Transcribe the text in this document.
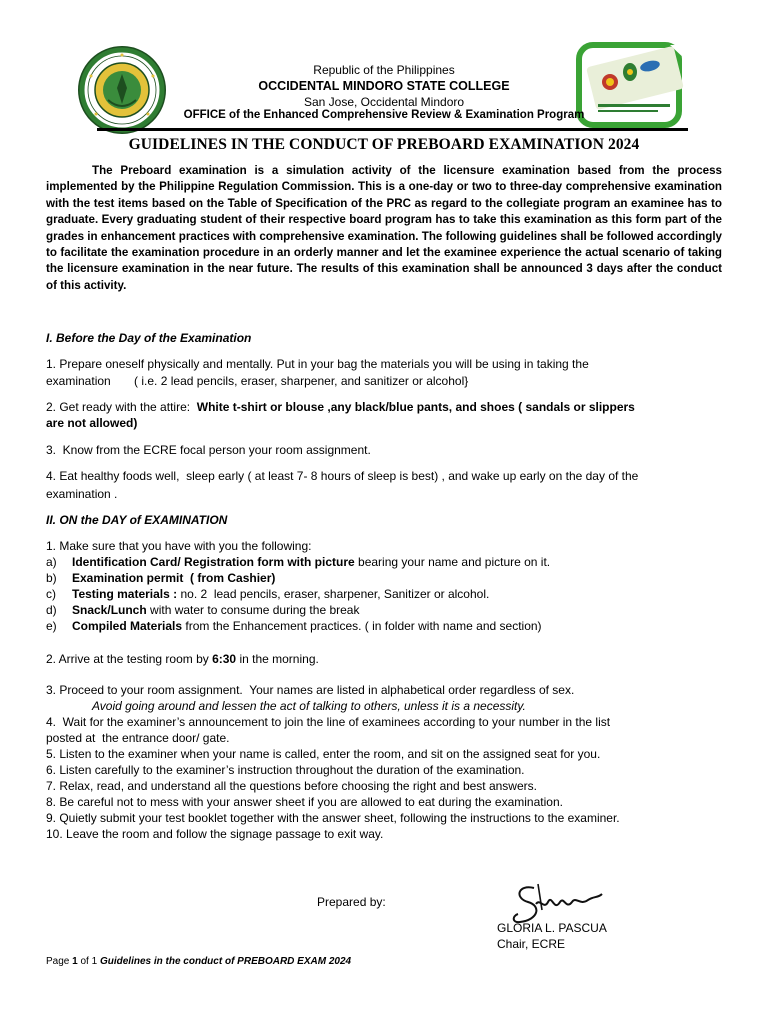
Republic of the Philippines
OCCIDENTAL MINDORO STATE COLLEGE
San Jose, Occidental Mindoro
OFFICE of the Enhanced Comprehensive Review & Examination Program
GUIDELINES IN THE CONDUCT OF PREBOARD EXAMINATION 2024

The Preboard examination is a simulation activity of the licensure examination based from the process implemented by the Philippine Regulation Commission. This is a one-day or two to three-day comprehensive examination with the test items based on the Table of Specification of the PRC as regard to the collegiate program an examinee has to graduate. Every graduating student of their respective board program has to take this examination as this form part of the grades in enhancement practices with comprehensive examination. The following guidelines shall be followed accordingly to facilitate the examination procedure in an orderly manner and let the examinee experience the actual scenario of taking the licensure examination in the near future. The results of this examination shall be announced 3 days after the conduct of this activity.

I. Before the Day of the Examination

1. Prepare oneself physically and mentally. Put in your bag the materials you will be using in taking the

examination       ( i.e. 2 lead pencils, eraser, sharpener, and sanitizer or alcohol}

2. Get ready with the attire:  White t-shirt or blouse ,any black/blue pants, and shoes ( sandals or slippers

are not allowed)

3.  Know from the ECRE focal person your room assignment.

4. Eat healthy foods well,  sleep early ( at least 7- 8 hours of sleep is best) , and wake up early on the day of the

examination .

II. ON the DAY of EXAMINATION

1. Make sure that you have with you the following:

a) Identification Card/ Registration form with picture bearing your name and picture on it.

b) Examination permit  ( from Cashier)

c) Testing materials : no. 2  lead pencils, eraser, sharpener, Sanitizer or alcohol.

d) Snack/Lunch with water to consume during the break

e) Compiled Materials from the Enhancement practices. ( in folder with name and section)

2. Arrive at the testing room by 6:30 in the morning.

3. Proceed to your room assignment.  Your names are listed in alphabetical order regardless of sex.

Avoid going around and lessen the act of talking to others, unless it is a necessity.

4.  Wait for the examiner’s announcement to join the line of examinees according to your number in the list

posted at  the entrance door/ gate.

5. Listen to the examiner when your name is called, enter the room, and sit on the assigned seat for you.

6. Listen carefully to the examiner’s instruction throughout the duration of the examination.

7. Relax, read, and understand all the questions before choosing the right and best answers.

8. Be careful not to mess with your answer sheet if you are allowed to eat during the examination.

9. Quietly submit your test booklet together with the answer sheet, following the instructions to the examiner.

10. Leave the room and follow the signage passage to exit way.

Prepared by:
GLORIA L. PASCUA
Chair, ECRE
Page 1 of 1 Guidelines in the conduct of PREBOARD EXAM 2024
